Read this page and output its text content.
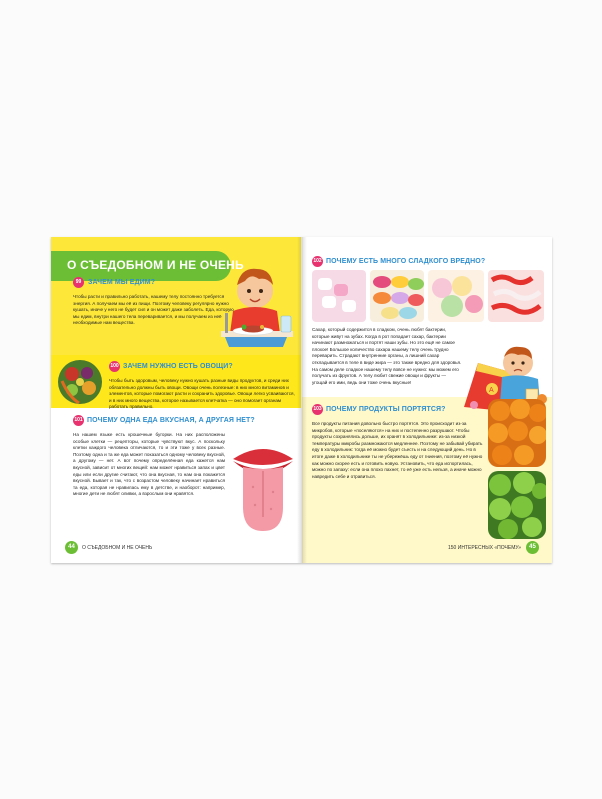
О СЪЕДОБНОМ И НЕ ОЧЕНЬ
99 ЗАЧЕМ МЫ ЕДИМ?
Чтобы расти и правильно работать, нашему телу постоянно требуется энергия. А получаем мы её из пищи. Поэтому человеку регулярно нужно кушать, иначе у него не будет сил и он может даже заболеть. Еда, которую мы едим, внутри нашего тела переваривается, и мы получаем из неё необходимые нам вещества.
100 ЗАЧЕМ НУЖНО ЕСТЬ ОВОЩИ?
Чтобы быть здоровым, человеку нужно кушать разные виды продуктов, и среди них обязательно должны быть овощи. Овощи очень полезные: в них много витаминов и элементов, которые помогают расти и сохранить здоровье. Овощи легко усваиваются, и в них много вещества, которое называется клетчатка — оно помогает органам работать правильно.
101 ПОЧЕМУ ОДНА ЕДА ВКУСНАЯ, А ДРУГАЯ НЕТ?
На нашем языке есть крошечные бугорки. На них расположены особые клетки — рецепторы, которые чувствуют вкус. А поскольку клетки каждого человека отличаются, то и эти тоже у всех разные. Поэтому одна и та же еда может показаться одному человеку вкусной, а другому — нет. А вот почему определённая еда кажется нам вкусной, зависит от многих вещей: нам может нравиться запах и цвет еды или если другие считают, что она вкусная, то нам она покажется вкусной. Бывает и так, что с возрастом человеку начинает нравиться та еда, которая не нравилась ему в детстве, и наоборот: например, многие дети не любят оливки, а взрослым они нравятся.
44	О СЪЕДОБНОМ И НЕ ОЧЕНЬ
102 ПОЧЕМУ ЕСТЬ МНОГО СЛАДКОГО ВРЕДНО?
Сахар, который содержится в сладком, очень любят бактерии, которые живут на зубах. Когда в рот попадает сахар, бактерии начинают размножаться и портят наши зубы. Но это ещё не самое плохое! Большое количество сахара нашему телу очень трудно переварить. Страдают внутренние органы, а лишний сахар откладывается в теле в виде жира — это также вредно для здоровья. На самом деле сладкое нашему телу вовсе не нужно: мы можем его получать из фруктов. А телу любит свежие овощи и фрукты — угощай его ими, ведь они тоже очень вкусные!
A
103 ПОЧЕМУ ПРОДУКТЫ ПОРТЯТСЯ?
Все продукты питания довольно быстро портятся. Это происходит из-за микробов, которые «поселяются» на них и постепенно разрушают. Чтобы продукты сохранялись дольше, их хранят в холодильнике: из-за низкой температуры микробы размножаются медленнее. Поэтому не забывай убирать еду в холодильник: тогда её можно будет съесть и на следующий день. Но в итоге даже в холодильнике ты не убережёшь еду от гниения, поэтому её нужно как можно скорее есть и готовить новую. Установить, что еда испортилась, можно по запаху: если она плохо пахнет, то её уже есть нельзя, а иначе можно навредить себе и отравиться.
150 ИНТЕРЕСНЫХ «ПОЧЕМУ»	45
